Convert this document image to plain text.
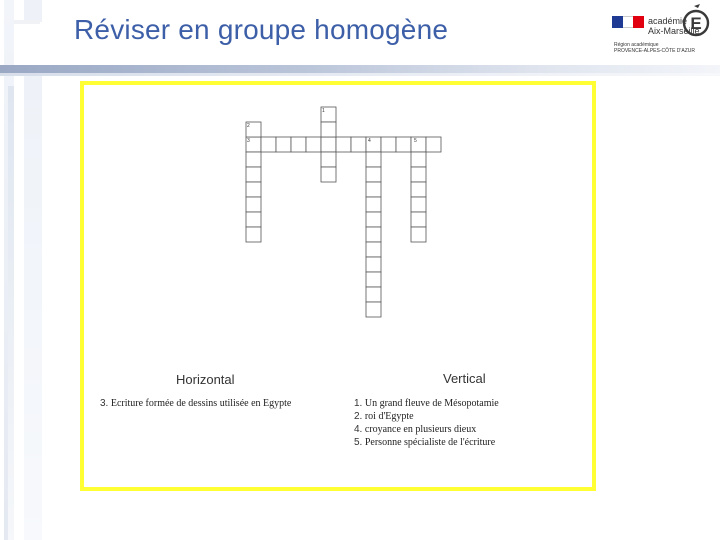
Réviser en groupe homogène	académie
Aix-Marseille
E
Région académique
PROVENCE-ALPES-CÔTE D'AZUR
2
3
1
4	5
Horizontal	Vertical
3. Ecriture formée de dessins utilisée en Egypte	1. Un grand fleuve de Mésopotamie
2. roi d'Egypte
4. croyance en plusieurs dieux
5. Personne spécialiste de l'écriture
